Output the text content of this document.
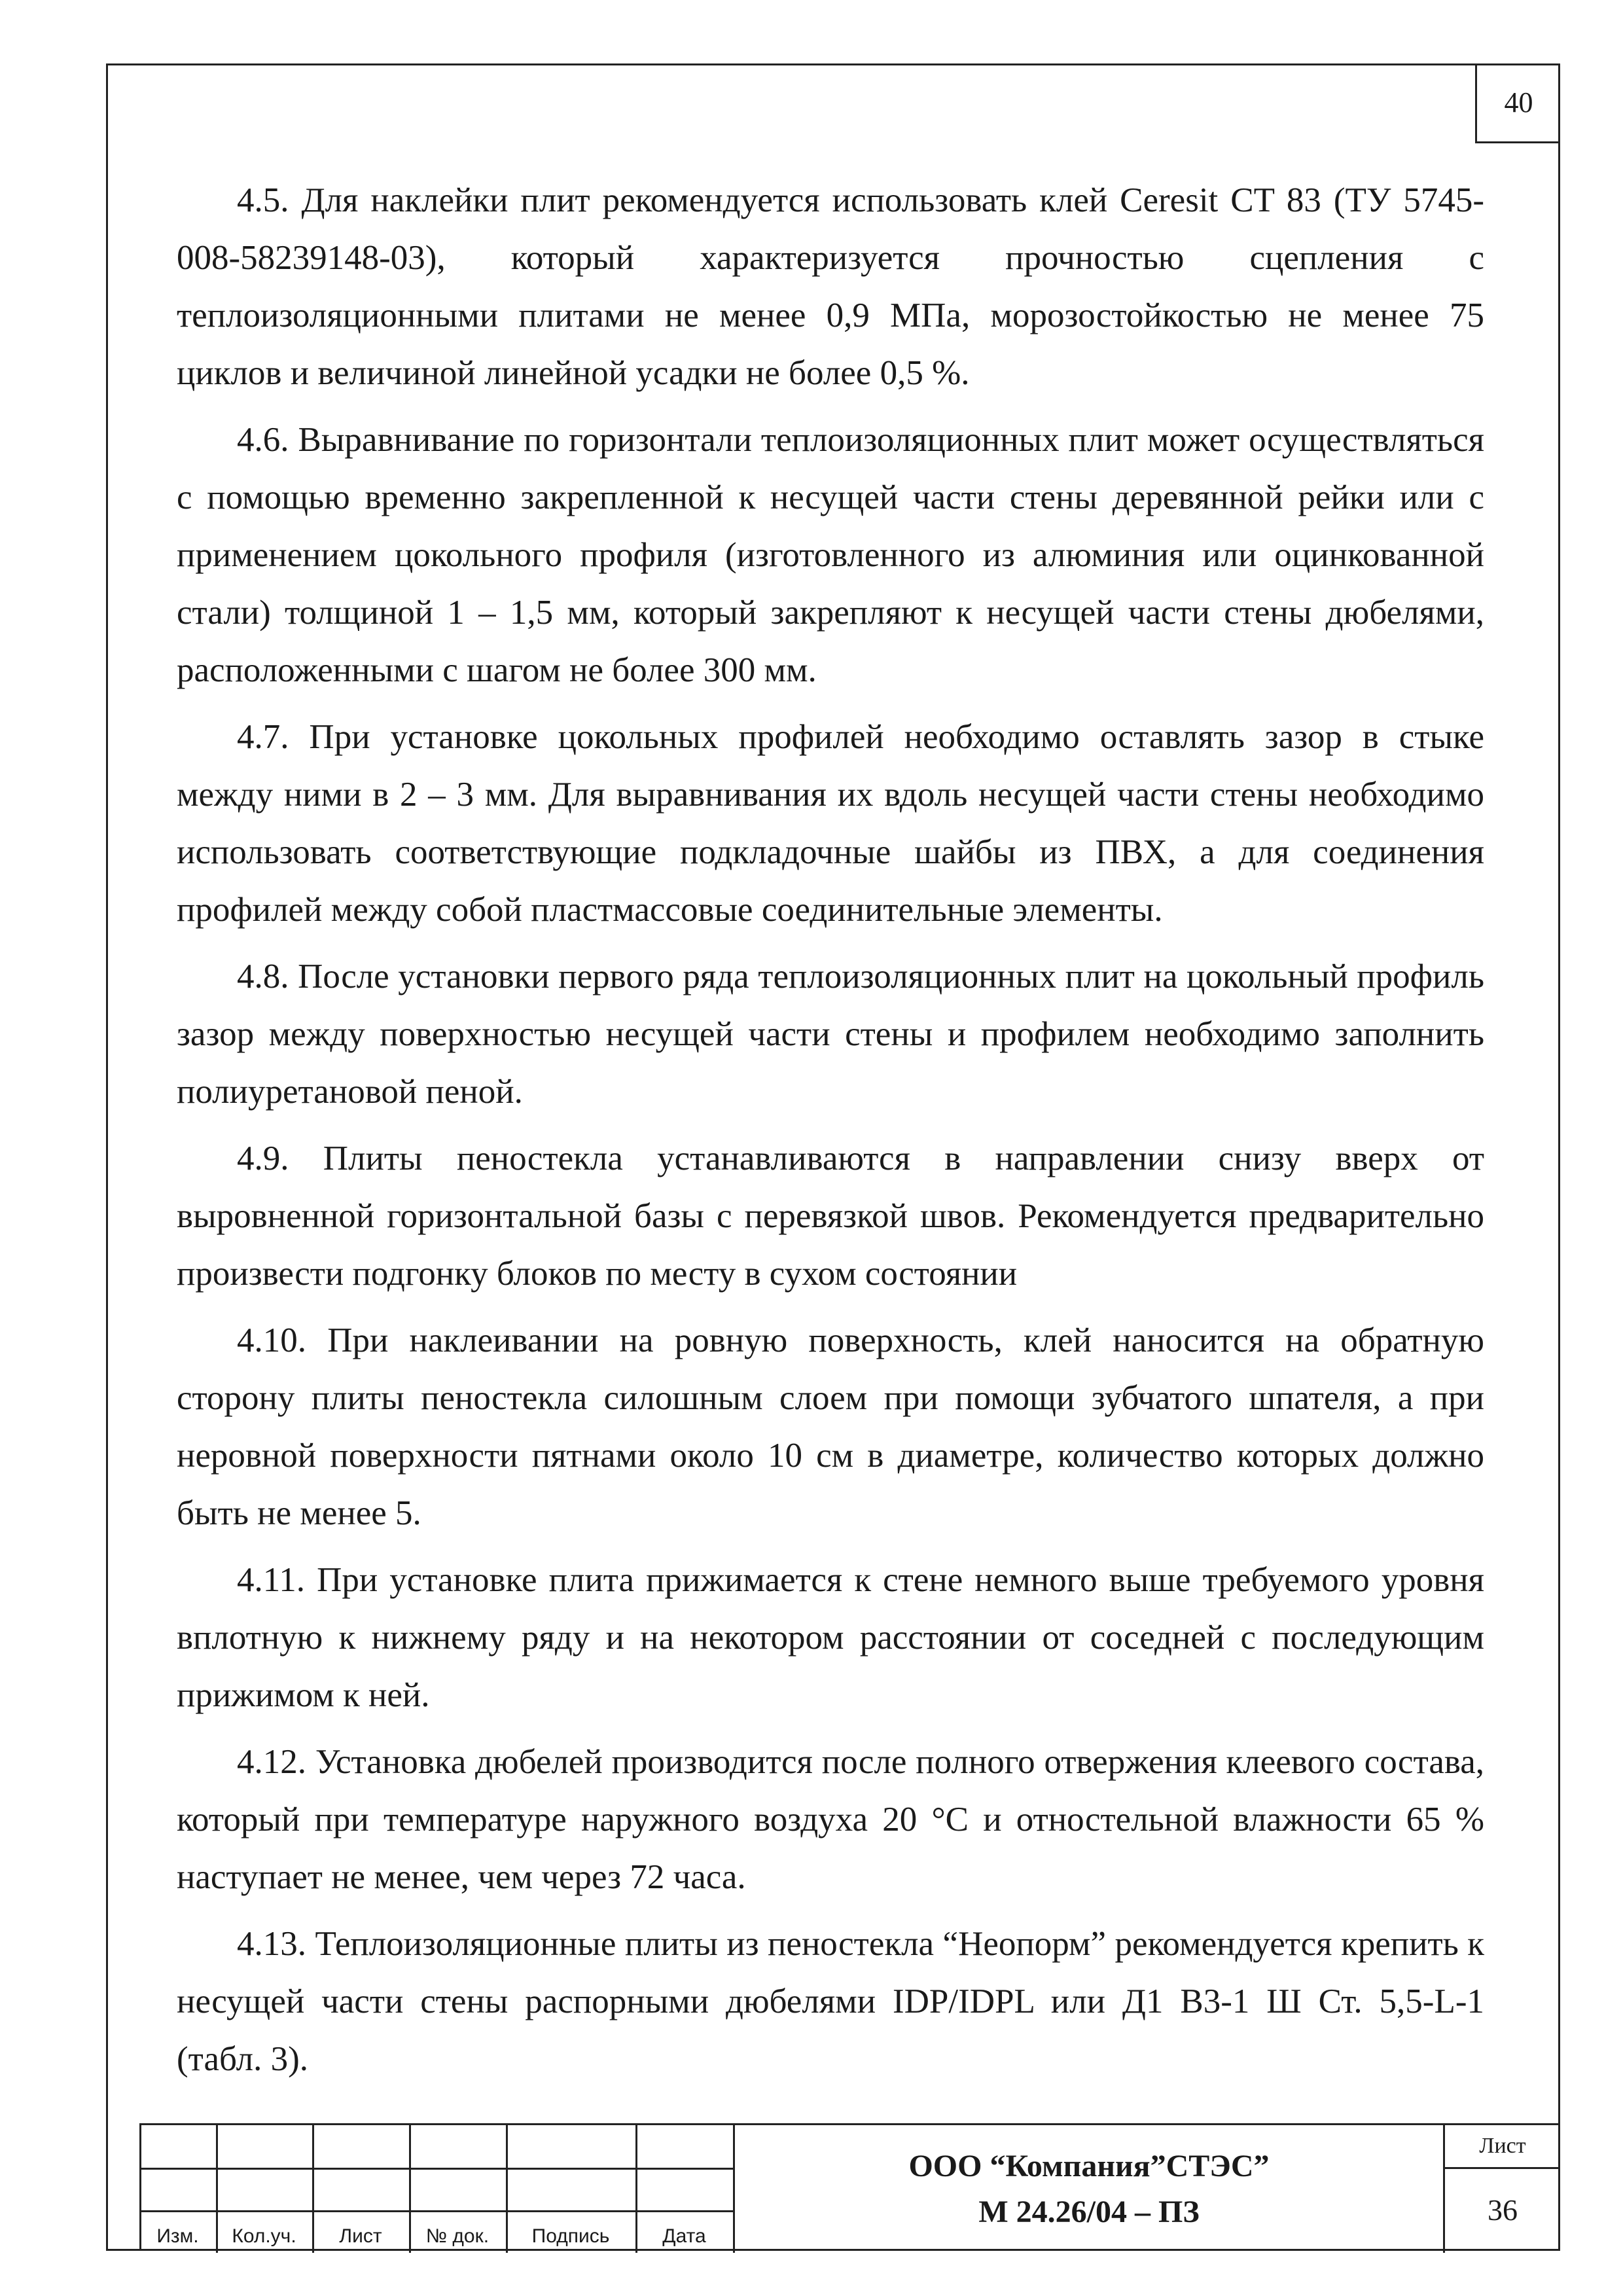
40

4.5. Для наклейки плит рекомендуется использовать клей Ceresit CT 83 (ТУ 5745-008-58239148-03), который характеризуется прочностью сцепления с теплоизоляционными плитами не менее 0,9 МПа, морозостойкостью не менее 75 циклов и величиной линейной усадки не более 0,5 %.

4.6. Выравнивание по горизонтали теплоизоляционных плит может осуществляться с помощью временно закрепленной к несущей части стены деревянной рейки или с применением цокольного профиля (изготовленного из алюминия или оцинкованной стали) толщиной 1 – 1,5 мм, который закрепляют к несущей части стены дюбелями, расположенными с шагом не более 300 мм.

4.7. При установке цокольных профилей необходимо оставлять зазор в стыке между ними в 2 – 3 мм. Для выравнивания их вдоль несущей части стены необходимо использовать соответствующие подкладочные шайбы из ПВХ, а для соединения профилей между собой пластмассовые соединительные элементы.

4.8. После установки первого ряда теплоизоляционных плит на цокольный профиль зазор между поверхностью несущей части стены и профилем необходимо заполнить полиуретановой пеной.

4.9. Плиты пеностекла устанавливаются в направлении снизу вверх от выровненной горизонтальной базы с перевязкой швов. Рекомендуется предварительно произвести подгонку блоков по месту в сухом состоянии

4.10. При наклеивании на ровную поверхность, клей наносится на обратную сторону плиты пеностекла силошным слоем при помощи зубчатого шпателя, а при неровной поверхности пятнами около 10 см в диаметре, количество которых должно быть не менее 5.

4.11. При установке плита прижимается к стене немного выше требуемого уровня вплотную к нижнему ряду и на некотором расстоянии от соседней с последующим прижимом к ней.

4.12. Установка дюбелей производится после полного отвержения клеевого состава, который при температуре наружного воздуха 20 °С и отностельной влажности 65 % наступает не менее, чем через 72 часа.

4.13. Теплоизоляционные плиты из пеностекла “Неопорм” рекомендуется крепить к несущей части стены распорными дюбелями IDP/IDPL или Д1 В3-1 Ш Ст. 5,5-L-1 (табл. 3).

Изм.	Кол.уч.	Лист	№ док.	Подпись	Дата
ООО “Компания”СТЭС”
М 24.26/04 – ПЗ
Лист
36
